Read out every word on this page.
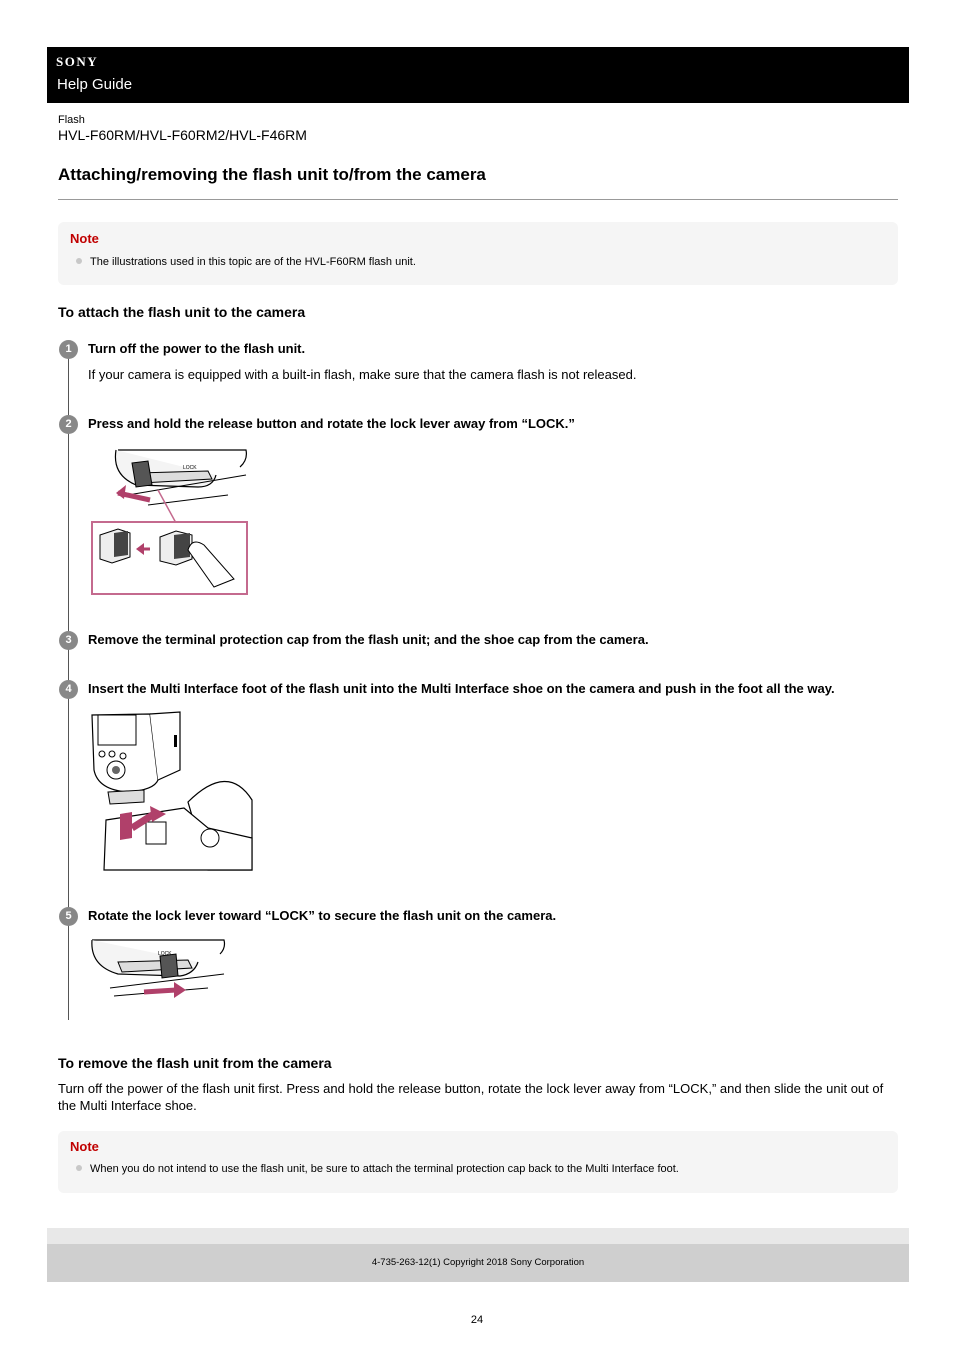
SONY
Help Guide
Flash
HVL-F60RM/HVL-F60RM2/HVL-F46RM
Attaching/removing the flash unit to/from the camera
Note
The illustrations used in this topic are of the HVL-F60RM flash unit.
To attach the flash unit to the camera
1	Turn off the power to the flash unit.
If your camera is equipped with a built-in flash, make sure that the camera flash is not released.
2	Press and hold the release button and rotate the lock lever away from “LOCK.”
LOCK
3	Remove the terminal protection cap from the flash unit; and the shoe cap from the camera.
4	Insert the Multi Interface foot of the flash unit into the Multi Interface shoe on the camera and push in the foot all the way.
5	Rotate the lock lever toward “LOCK” to secure the flash unit on the camera.
LOCK
To remove the flash unit from the camera
Turn off the power of the flash unit first. Press and hold the release button, rotate the lock lever away from “LOCK,” and then slide the unit out of the Multi Interface shoe.
Note
When you do not intend to use the flash unit, be sure to attach the terminal protection cap back to the Multi Interface foot.
4-735-263-12(1) Copyright 2018 Sony Corporation
24
